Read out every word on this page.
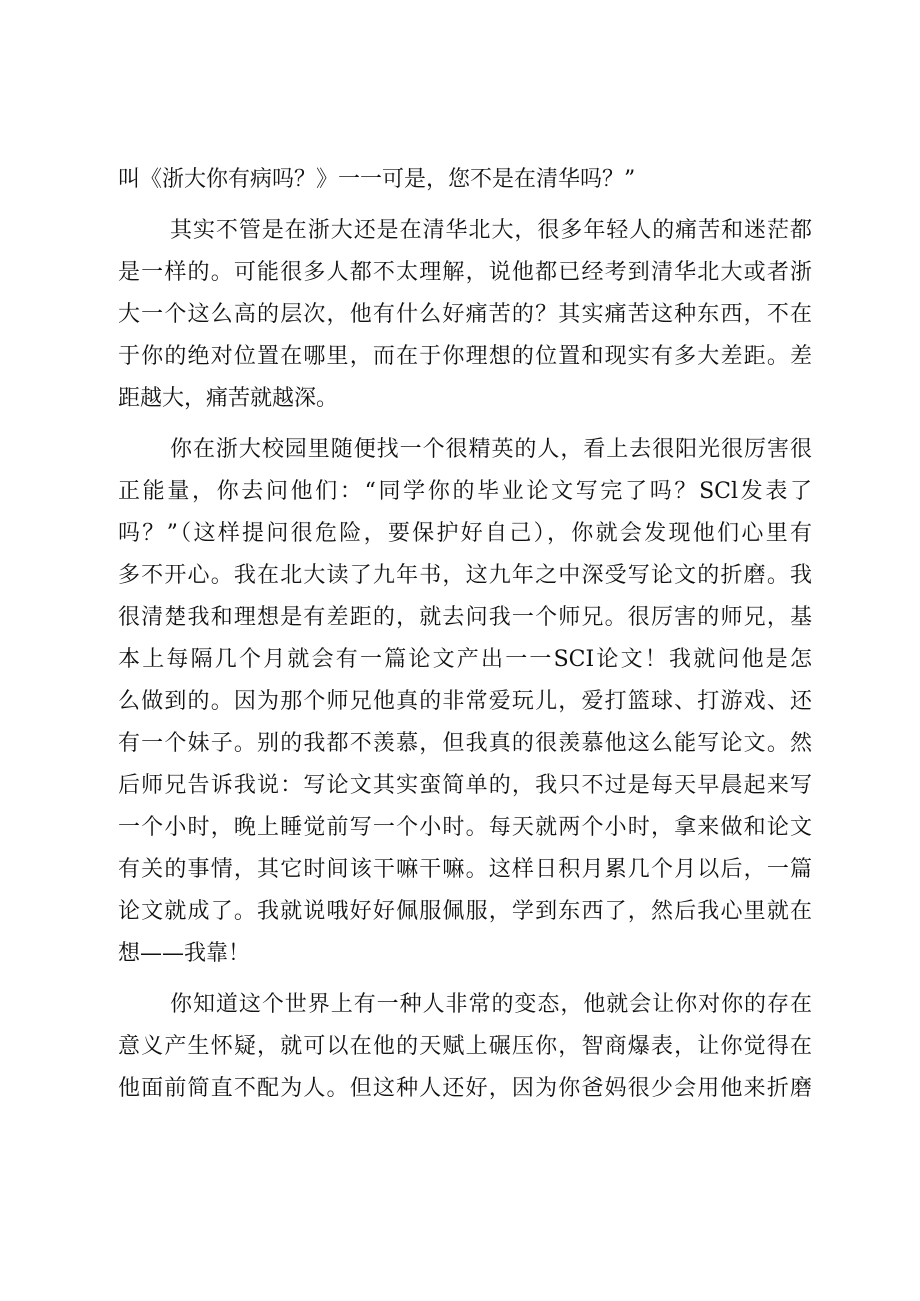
叫《浙大你有病吗？》一一可是，您不是在清华吗？”
其实不管是在浙大还是在清华北大，很多年轻人的痛苦和迷茫都
是一样的。可能很多人都不太理解，说他都已经考到清华北大或者浙
大一个这么高的层次，他有什么好痛苦的？其实痛苦这种东西，不在
于你的绝对位置在哪里，而在于你理想的位置和现实有多大差距。差
距越大，痛苦就越深。
你在浙大校园里随便找一个很精英的人，看上去很阳光很厉害很
正能量，你去问他们：“同学你的毕业论文写完了吗？SCl发表了
吗？”（这样提问很危险，要保护好自己），你就会发现他们心里有
多不开心。我在北大读了九年书，这九年之中深受写论文的折磨。我
很清楚我和理想是有差距的，就去问我一个师兄。很厉害的师兄，基
本上每隔几个月就会有一篇论文产出一一SCI论文！我就问他是怎
么做到的。因为那个师兄他真的非常爱玩儿，爱打篮球、打游戏、还
有一个妹子。别的我都不羡慕，但我真的很羡慕他这么能写论文。然
后师兄告诉我说：写论文其实蛮简单的，我只不过是每天早晨起来写
一个小时，晚上睡觉前写一个小时。每天就两个小时，拿来做和论文
有关的事情，其它时间该干嘛干嘛。这样日积月累几个月以后，一篇
论文就成了。我就说哦好好佩服佩服，学到东西了，然后我心里就在
想——我靠！
你知道这个世界上有一种人非常的变态，他就会让你对你的存在
意义产生怀疑，就可以在他的天赋上碾压你，智商爆表，让你觉得在
他面前简直不配为人。但这种人还好，因为你爸妈很少会用他来折磨
